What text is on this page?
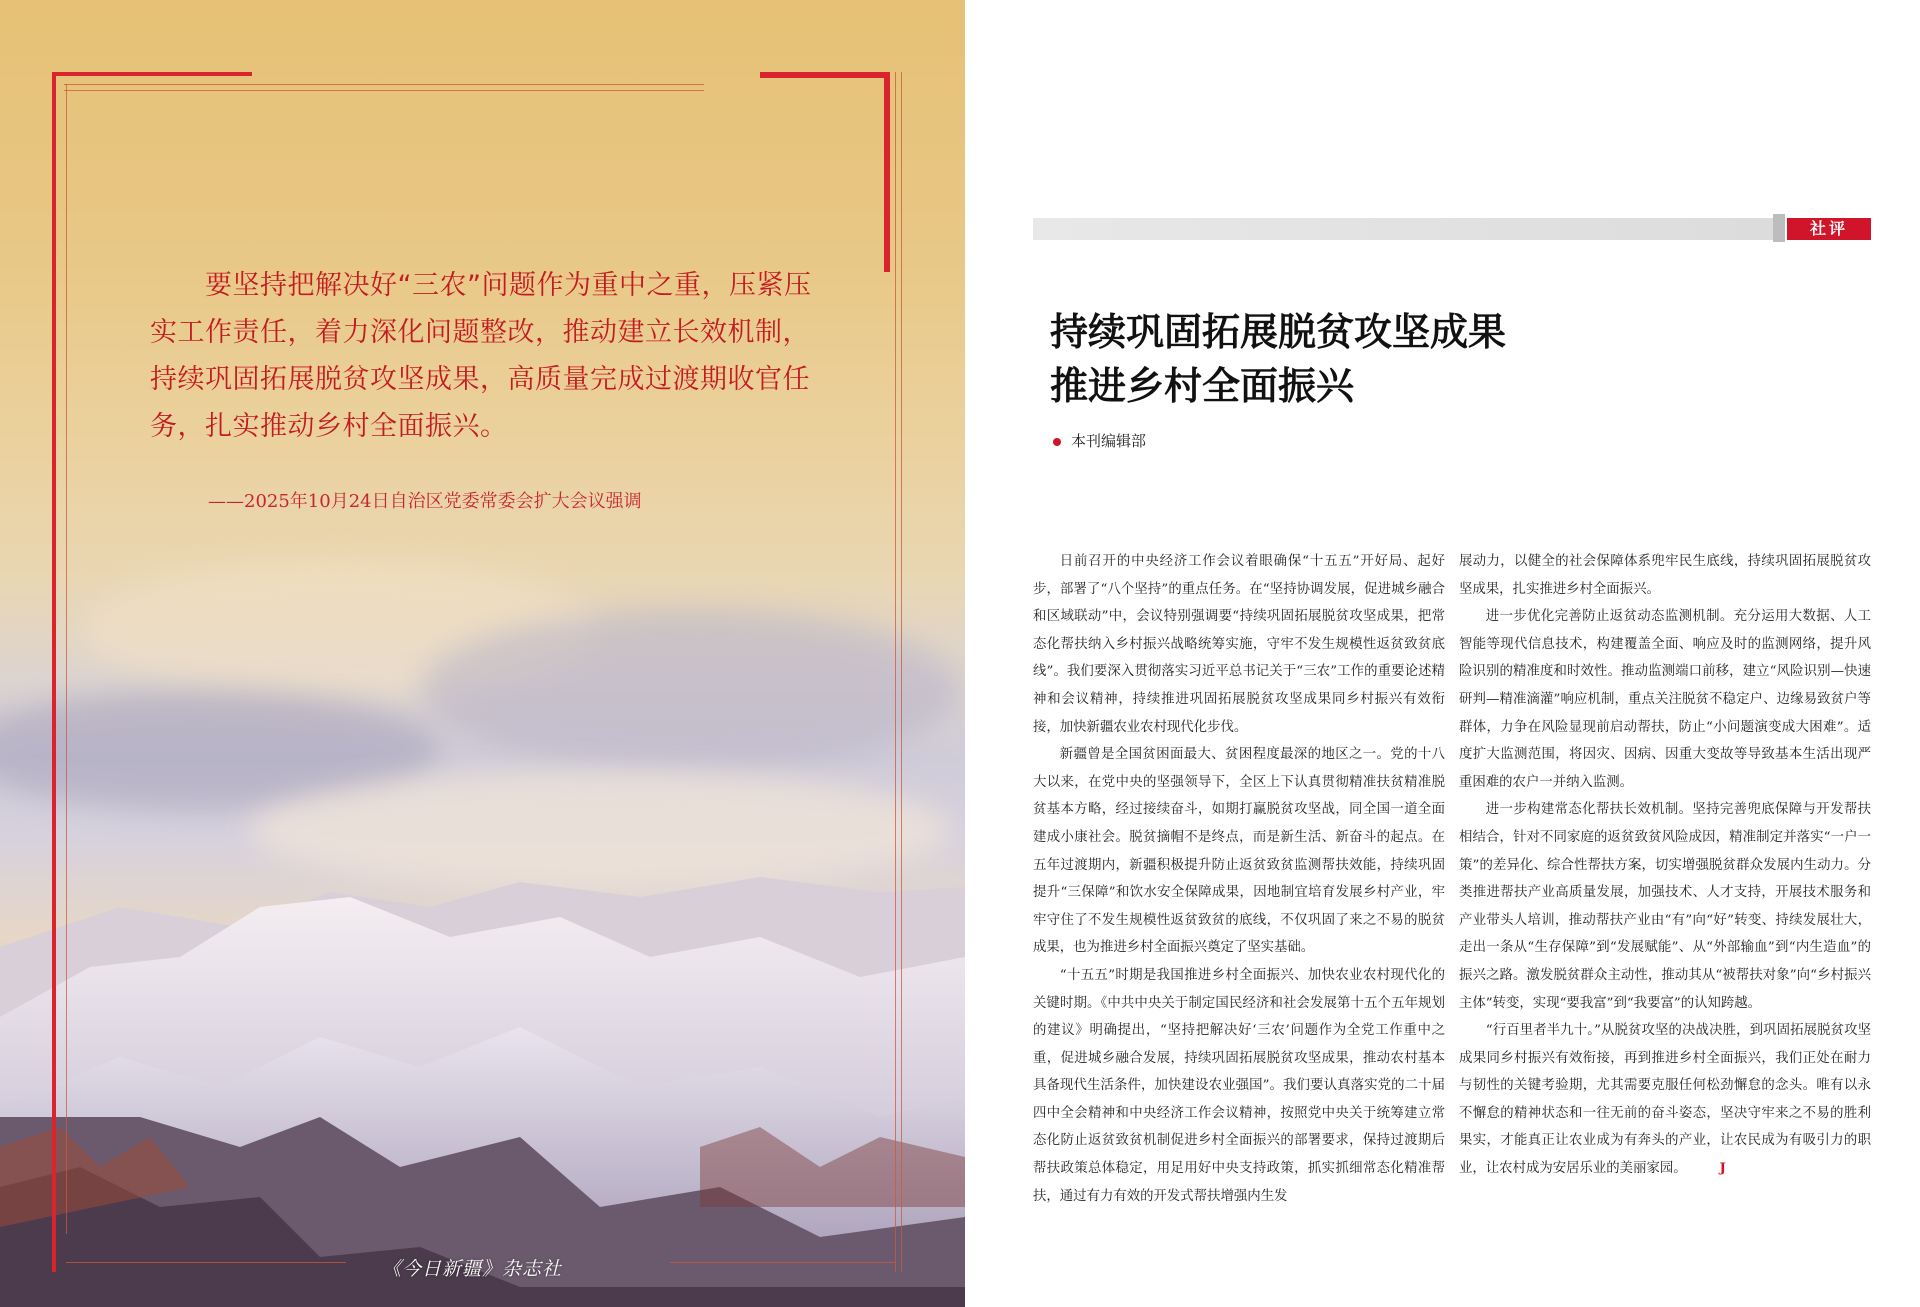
要坚持把解决好“三农”问题作为重中之重，压紧压实工作责任，着力深化问题整改，推动建立长效机制，持续巩固拓展脱贫攻坚成果，高质量完成过渡期收官任务，扎实推动乡村全面振兴。

——2025年10月24日自治区党委常委会扩大会议强调
《今日新疆》杂志社
社评
持续巩固拓展脱贫攻坚成果
推进乡村全面振兴
本刊编辑部

日前召开的中央经济工作会议着眼确保“十五五”开好局、起好步，部署了“八个坚持”的重点任务。在“坚持协调发展，促进城乡融合和区域联动”中，会议特别强调要“持续巩固拓展脱贫攻坚成果，把常态化帮扶纳入乡村振兴战略统筹实施，守牢不发生规模性返贫致贫底线”。我们要深入贯彻落实习近平总书记关于“三农”工作的重要论述精神和会议精神，持续推进巩固拓展脱贫攻坚成果同乡村振兴有效衔接，加快新疆农业农村现代化步伐。

新疆曾是全国贫困面最大、贫困程度最深的地区之一。党的十八大以来，在党中央的坚强领导下，全区上下认真贯彻精准扶贫精准脱贫基本方略，经过接续奋斗，如期打赢脱贫攻坚战，同全国一道全面建成小康社会。脱贫摘帽不是终点，而是新生活、新奋斗的起点。在五年过渡期内，新疆积极提升防止返贫致贫监测帮扶效能，持续巩固提升“三保障”和饮水安全保障成果，因地制宜培育发展乡村产业，牢牢守住了不发生规模性返贫致贫的底线，不仅巩固了来之不易的脱贫成果，也为推进乡村全面振兴奠定了坚实基础。

“十五五”时期是我国推进乡村全面振兴、加快农业农村现代化的关键时期。《中共中央关于制定国民经济和社会发展第十五个五年规划的建议》明确提出，“坚持把解决好‘三农’问题作为全党工作重中之重，促进城乡融合发展，持续巩固拓展脱贫攻坚成果，推动农村基本具备现代生活条件，加快建设农业强国”。我们要认真落实党的二十届四中全会精神和中央经济工作会议精神，按照党中央关于统筹建立常态化防止返贫致贫机制促进乡村全面振兴的部署要求，保持过渡期后帮扶政策总体稳定，用足用好中央支持政策，抓实抓细常态化精准帮扶，通过有力有效的开发式帮扶增强内生发

展动力，以健全的社会保障体系兜牢民生底线，持续巩固拓展脱贫攻坚成果，扎实推进乡村全面振兴。

进一步优化完善防止返贫动态监测机制。充分运用大数据、人工智能等现代信息技术，构建覆盖全面、响应及时的监测网络，提升风险识别的精准度和时效性。推动监测端口前移，建立“风险识别—快速研判—精准滴灌”响应机制，重点关注脱贫不稳定户、边缘易致贫户等群体，力争在风险显现前启动帮扶，防止“小问题演变成大困难”。适度扩大监测范围，将因灾、因病、因重大变故等导致基本生活出现严重困难的农户一并纳入监测。

进一步构建常态化帮扶长效机制。坚持完善兜底保障与开发帮扶相结合，针对不同家庭的返贫致贫风险成因，精准制定并落实“一户一策”的差异化、综合性帮扶方案，切实增强脱贫群众发展内生动力。分类推进帮扶产业高质量发展，加强技术、人才支持，开展技术服务和产业带头人培训，推动帮扶产业由“有”向“好”转变、持续发展壮大，走出一条从“生存保障”到“发展赋能”、从“外部输血”到“内生造血”的振兴之路。激发脱贫群众主动性，推动其从“被帮扶对象”向“乡村振兴主体”转变，实现“要我富”到“我要富”的认知跨越。

“行百里者半九十。”从脱贫攻坚的决战决胜，到巩固拓展脱贫攻坚成果同乡村振兴有效衔接，再到推进乡村全面振兴，我们正处在耐力与韧性的关键考验期，尤其需要克服任何松劲懈怠的念头。唯有以永不懈怠的精神状态和一往无前的奋斗姿态，坚决守牢来之不易的胜利果实，才能真正让农业成为有奔头的产业，让农民成为有吸引力的职业，让农村成为安居乐业的美丽家园。 J
